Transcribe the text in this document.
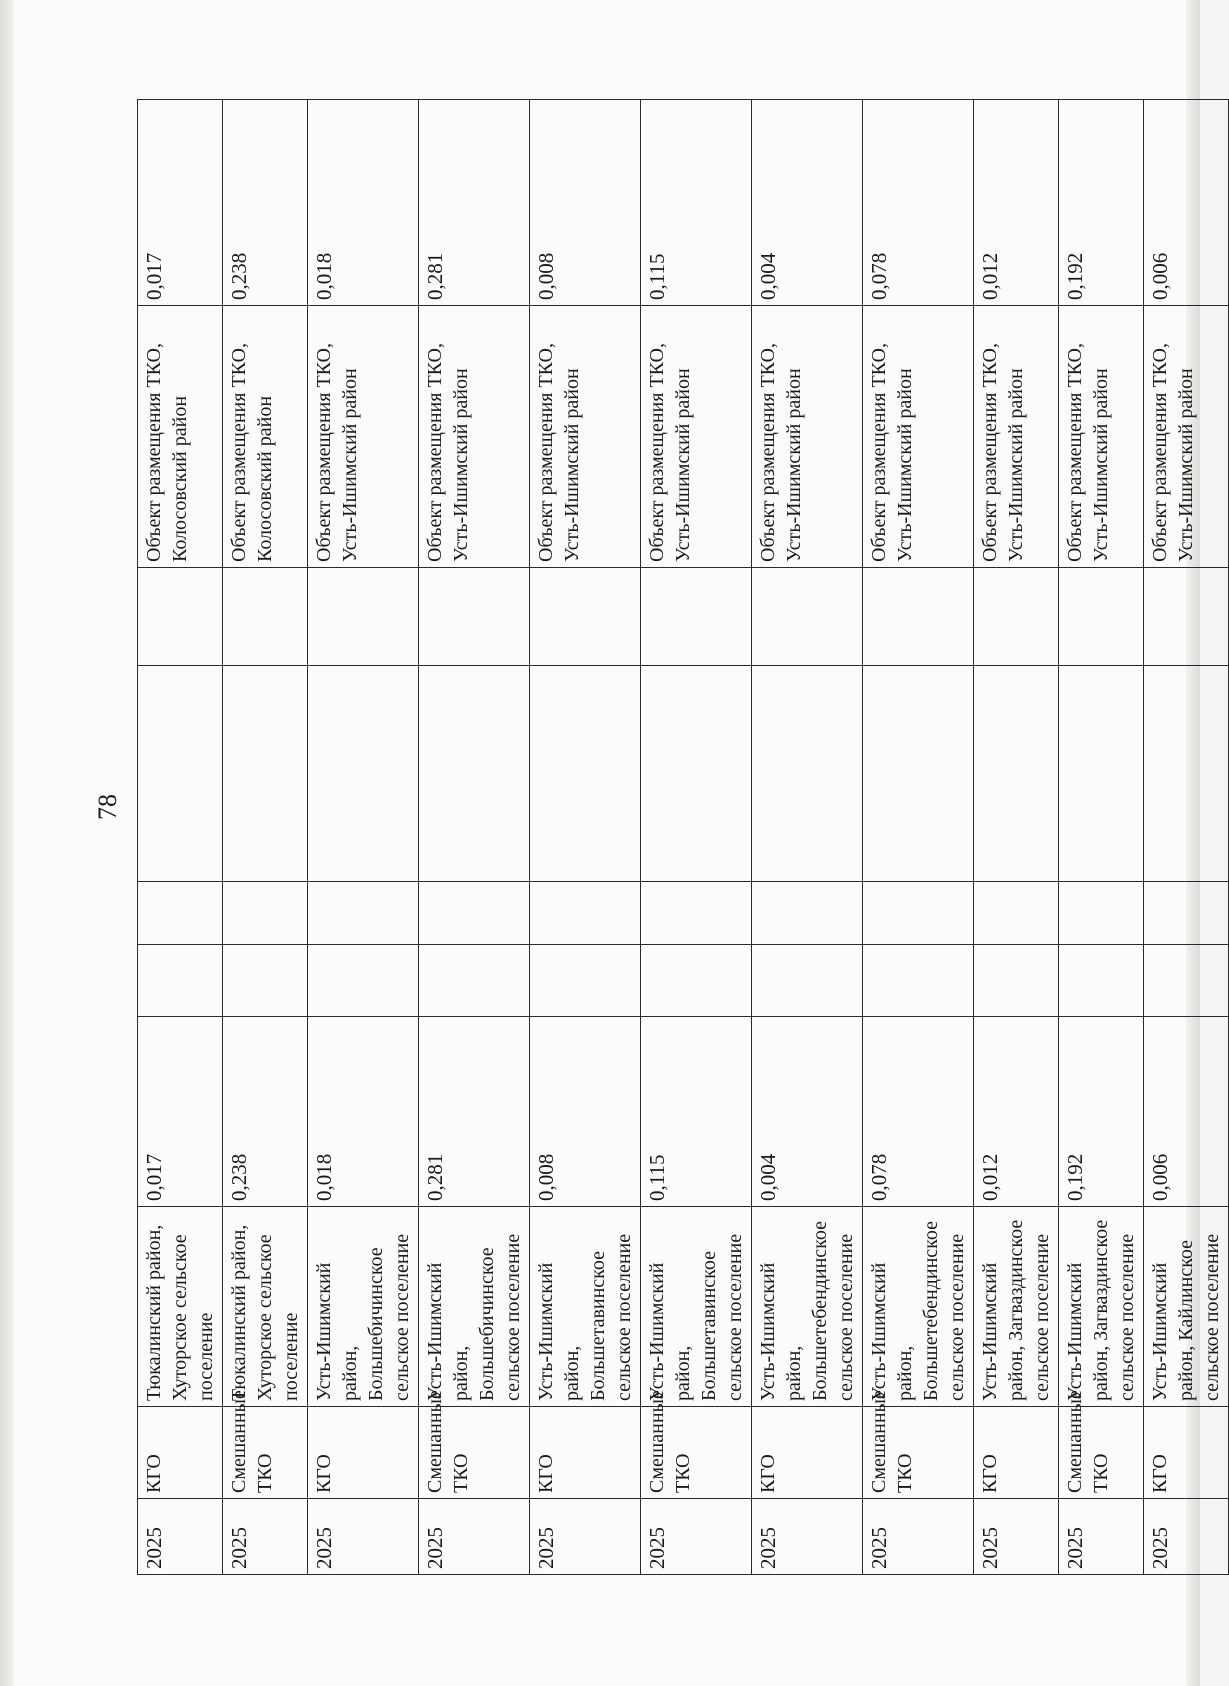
78
2025	КГО	Тюкалинский район, Хуторское сельское поселение	0,017					Объект размещения ТКО, Колосовский район	0,017
2025	Смешанные ТКО	Тюкалинский район, Хуторское сельское поселение	0,238					Объект размещения ТКО, Колосовский район	0,238
2025	КГО	Усть-Ишимский район, Большебичинское сельское поселение	0,018					Объект размещения ТКО, Усть-Ишимский район	0,018
2025	Смешанные ТКО	Усть-Ишимский район, Большебичинское сельское поселение	0,281					Объект размещения ТКО, Усть-Ишимский район	0,281
2025	КГО	Усть-Ишимский район, Большетавинское сельское поселение	0,008					Объект размещения ТКО, Усть-Ишимский район	0,008
2025	Смешанные ТКО	Усть-Ишимский район, Большетавинское сельское поселение	0,115					Объект размещения ТКО, Усть-Ишимский район	0,115
2025	КГО	Усть-Ишимский район, Большетебендинское сельское поселение	0,004					Объект размещения ТКО, Усть-Ишимский район	0,004
2025	Смешанные ТКО	Усть-Ишимский район, Большетебендинское сельское поселение	0,078					Объект размещения ТКО, Усть-Ишимский район	0,078
2025	КГО	Усть-Ишимский район, Загваздинское сельское поселение	0,012					Объект размещения ТКО, Усть-Ишимский район	0,012
2025	Смешанные ТКО	Усть-Ишимский район, Загваздинское сельское поселение	0,192					Объект размещения ТКО, Усть-Ишимский район	0,192
2025	КГО	Усть-Ишимский район, Кайлинское сельское поселение	0,006					Объект размещения ТКО, Усть-Ишимский район	0,006
